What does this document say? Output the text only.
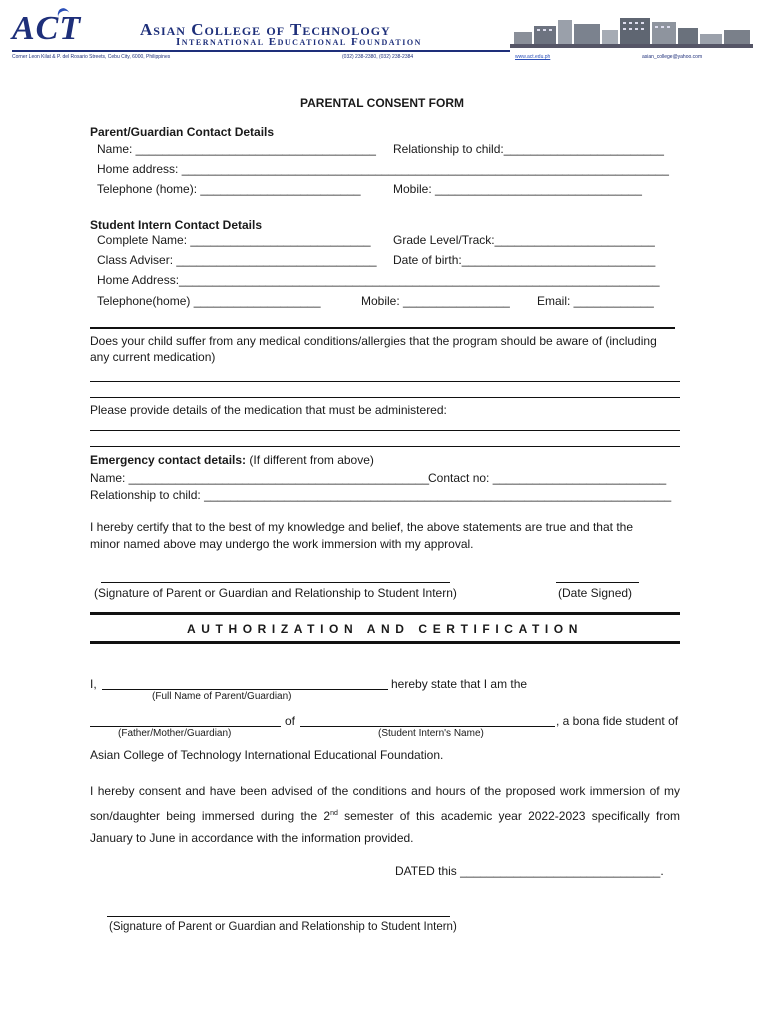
ACT	Asian College of Technology
International Educational Foundation
Corner Leon Kilat & P. del Rosario Streets, Cebu City, 6000, Philippines	(032) 238-2380, (032) 238-2384	www.act.edu.ph	asian_college@yahoo.com
PARENTAL CONSENT FORM
Parent/Guardian Contact Details
Name: ____________________________________ Relationship to child:________________________
Home address: _________________________________________________________________________
Telephone (home): ________________________	Mobile: _______________________________
Student Intern Contact Details
Complete Name: ___________________________ Grade Level/Track:________________________
Class Adviser: ______________________________ Date of birth:_____________________________
Home Address:________________________________________________________________________
Telephone(home) ___________________	Mobile: ________________ Email: ____________
Does your child suffer from any medical conditions/allergies that the program should be aware of (including
any current medication)
Please provide details of the medication that must be administered:
Emergency contact details: (If different from above)
Name: _____________________________________________ Contact no: __________________________
Relationship to child: ______________________________________________________________________
I hereby certify that to the best of my knowledge and belief, the above statements are true and that the
minor named above may undergo the work immersion with my approval.
(Signature of Parent or Guardian and Relationship to Student Intern)	(Date Signed)
AUTHORIZATION AND CERTIFICATION
I,	hereby state that I am the
(Full Name of Parent/Guardian)
of	, a bona fide student of
(Father/Mother/Guardian)	(Student Intern's Name)
Asian College of Technology International Educational Foundation.
I hereby consent and have been advised of the conditions and hours of the proposed work immersion of my son/daughter being immersed during the 2nd semester of this academic year 2022-2023 specifically from January to June in accordance with the information provided.
DATED this ______________________________.
(Signature of Parent or Guardian and Relationship to Student Intern)
